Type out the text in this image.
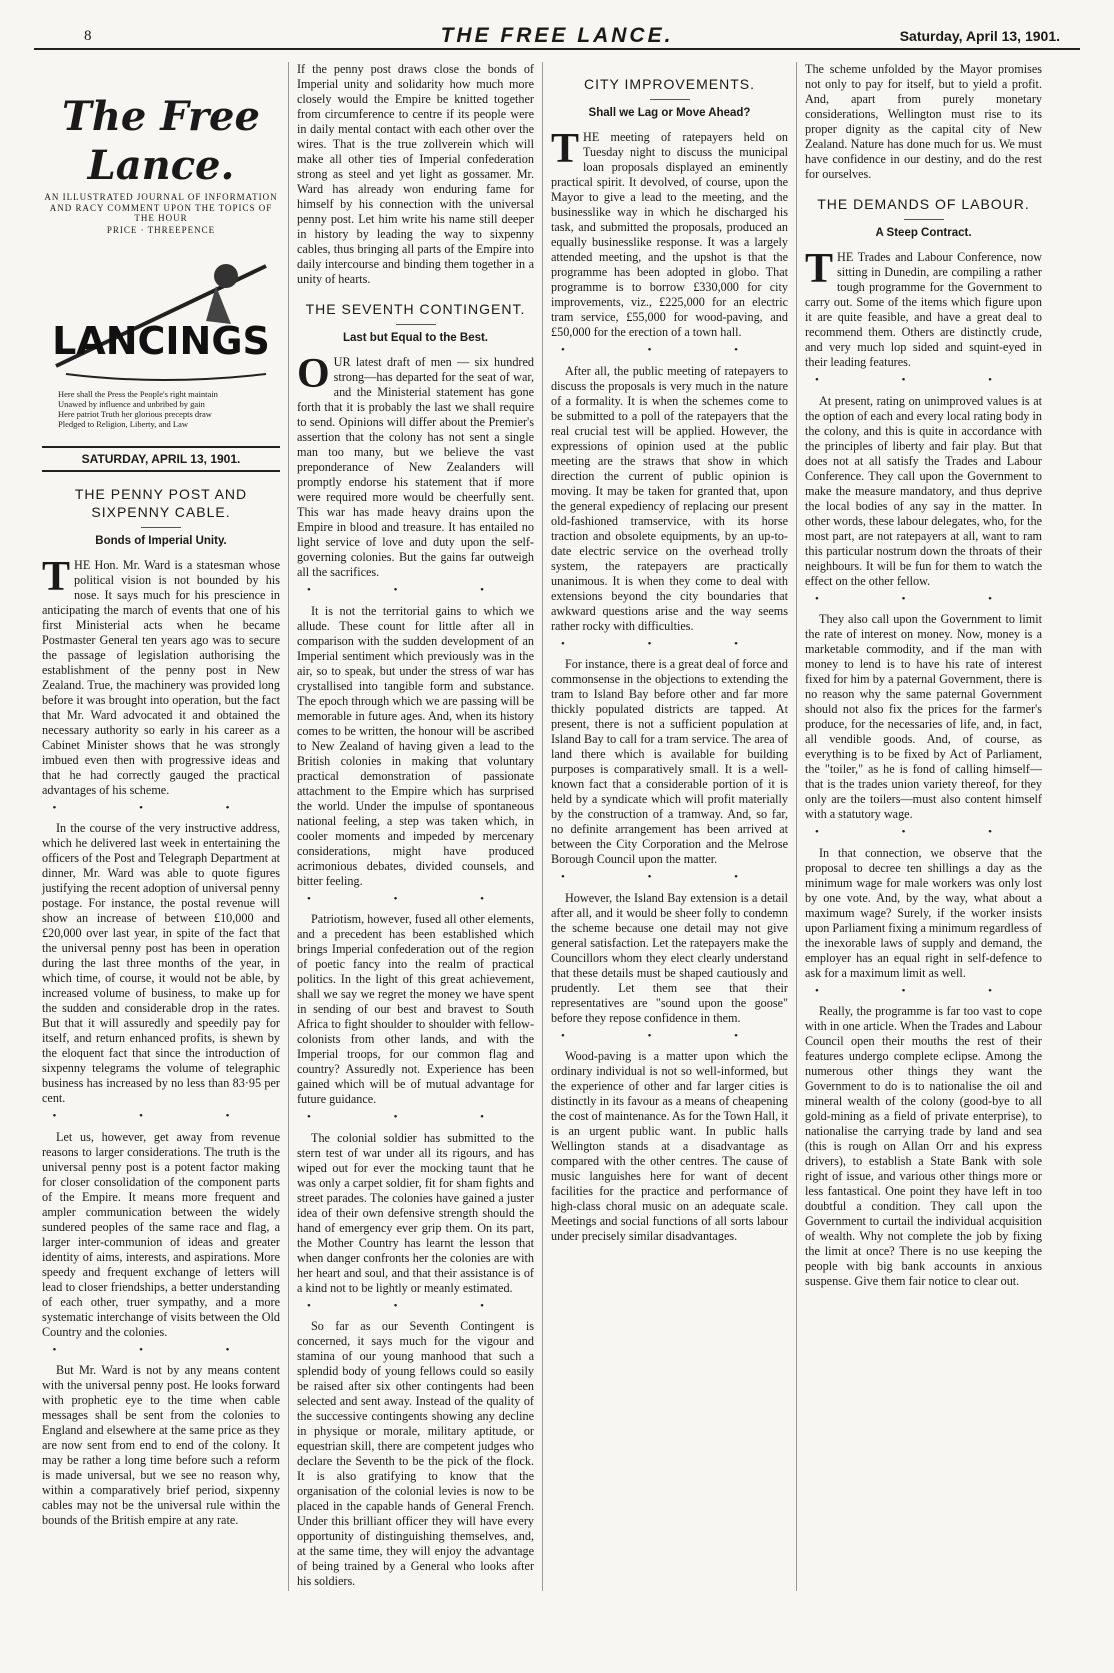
8	THE FREE LANCE.	Saturday, April 13, 1901.
The Free Lance.
AN ILLUSTRATED JOURNAL OF INFORMATION AND RACY COMMENT UPON THE TOPICS OF THE HOUR
PRICE · THREEPENCE
LANCINGS
Here shall the Press the People's right maintain
Unawed by influence and unbribed by gain
Here patriot Truth her glorious precepts draw
Pledged to Religion, Liberty, and Law
SATURDAY, APRIL 13, 1901.
THE PENNY POST AND SIXPENNY CABLE.
Bonds of Imperial Unity.

THE Hon. Mr. Ward is a statesman whose political vision is not bounded by his nose. It says much for his prescience in anticipating the march of events that one of his first Ministerial acts when he became Postmaster General ten years ago was to secure the passage of legislation authorising the establishment of the penny post in New Zealand. True, the machinery was provided long before it was brought into operation, but the fact that Mr. Ward advocated it and obtained the necessary authority so early in his career as a Cabinet Minister shows that he was strongly imbued even then with progressive ideas and that he had correctly gauged the practical advantages of his scheme.

• • •

In the course of the very instructive address, which he delivered last week in entertaining the officers of the Post and Telegraph Department at dinner, Mr. Ward was able to quote figures justifying the recent adoption of universal penny postage. For instance, the postal revenue will show an increase of between £10,000 and £20,000 over last year, in spite of the fact that the universal penny post has been in operation during the last three months of the year, in which time, of course, it would not be able, by increased volume of business, to make up for the sudden and considerable drop in the rates. But that it will assuredly and speedily pay for itself, and return enhanced profits, is shewn by the eloquent fact that since the introduction of sixpenny telegrams the volume of telegraphic business has increased by no less than 83·95 per cent.

• • •

Let us, however, get away from revenue reasons to larger considerations. The truth is the universal penny post is a potent factor making for closer consolidation of the component parts of the Empire. It means more frequent and ampler communication between the widely sundered peoples of the same race and flag, a larger inter-communion of ideas and greater identity of aims, interests, and aspirations. More speedy and frequent exchange of letters will lead to closer friendships, a better understanding of each other, truer sympathy, and a more systematic interchange of visits between the Old Country and the colonies.

• • •

But Mr. Ward is not by any means content with the universal penny post. He looks forward with prophetic eye to the time when cable messages shall be sent from the colonies to England and elsewhere at the same price as they are now sent from end to end of the colony. It may be rather a long time before such a reform is made universal, but we see no reason why, within a comparatively brief period, sixpenny cables may not be the universal rule within the bounds of the British empire at any rate.

If the penny post draws close the bonds of Imperial unity and solidarity how much more closely would the Empire be knitted together from circumference to centre if its people were in daily mental contact with each other over the wires. That is the true zollverein which will make all other ties of Imperial confederation strong as steel and yet light as gossamer. Mr. Ward has already won enduring fame for himself by his connection with the universal penny post. Let him write his name still deeper in history by leading the way to sixpenny cables, thus bringing all parts of the Empire into daily intercourse and binding them together in a unity of hearts.

THE SEVENTH CONTINGENT.
Last but Equal to the Best.

OUR latest draft of men — six hundred strong—has departed for the seat of war, and the Ministerial statement has gone forth that it is probably the last we shall require to send. Opinions will differ about the Premier's assertion that the colony has not sent a single man too many, but we believe the vast preponderance of New Zealanders will promptly endorse his statement that if more were required more would be cheerfully sent. This war has made heavy drains upon the Empire in blood and treasure. It has entailed no light service of love and duty upon the self-governing colonies. But the gains far outweigh all the sacrifices.

• • •

It is not the territorial gains to which we allude. These count for little after all in comparison with the sudden development of an Imperial sentiment which previously was in the air, so to speak, but under the stress of war has crystallised into tangible form and substance. The epoch through which we are passing will be memorable in future ages. And, when its history comes to be written, the honour will be ascribed to New Zealand of having given a lead to the British colonies in making that voluntary practical demonstration of passionate attachment to the Empire which has surprised the world. Under the impulse of spontaneous national feeling, a step was taken which, in cooler moments and impeded by mercenary considerations, might have produced acrimonious debates, divided counsels, and bitter feeling.

• • •

Patriotism, however, fused all other elements, and a precedent has been established which brings Imperial confederation out of the region of poetic fancy into the realm of practical politics. In the light of this great achievement, shall we say we regret the money we have spent in sending of our best and bravest to South Africa to fight shoulder to shoulder with fellow-colonists from other lands, and with the Imperial troops, for our common flag and country? Assuredly not. Experience has been gained which will be of mutual advantage for future guidance.

• • •

The colonial soldier has submitted to the stern test of war under all its rigours, and has wiped out for ever the mocking taunt that he was only a carpet soldier, fit for sham fights and street parades. The colonies have gained a juster idea of their own defensive strength should the hand of emergency ever grip them. On its part, the Mother Country has learnt the lesson that when danger confronts her the colonies are with her heart and soul, and that their assistance is of a kind not to be lightly or meanly estimated.

• • •

So far as our Seventh Contingent is concerned, it says much for the vigour and stamina of our young manhood that such a splendid body of young fellows could so easily be raised after six other contingents had been selected and sent away. Instead of the quality of the successive contingents showing any decline in physique or morale, military aptitude, or equestrian skill, there are competent judges who declare the Seventh to be the pick of the flock. It is also gratifying to know that the organisation of the colonial levies is now to be placed in the capable hands of General French. Under this brilliant officer they will have every opportunity of distinguishing themselves, and, at the same time, they will enjoy the advantage of being trained by a General who looks after his soldiers.

CITY IMPROVEMENTS.
Shall we Lag or Move Ahead?

THE meeting of ratepayers held on Tuesday night to discuss the municipal loan proposals displayed an eminently practical spirit. It devolved, of course, upon the Mayor to give a lead to the meeting, and the businesslike way in which he discharged his task, and submitted the proposals, produced an equally businesslike response. It was a largely attended meeting, and the upshot is that the programme has been adopted in globo. That programme is to borrow £330,000 for city improvements, viz., £225,000 for an electric tram service, £55,000 for wood-paving, and £50,000 for the erection of a town hall.

• • •

After all, the public meeting of ratepayers to discuss the proposals is very much in the nature of a formality. It is when the schemes come to be submitted to a poll of the ratepayers that the real crucial test will be applied. However, the expressions of opinion used at the public meeting are the straws that show in which direction the current of public opinion is moving. It may be taken for granted that, upon the general expediency of replacing our present old-fashioned tramservice, with its horse traction and obsolete equipments, by an up-to-date electric service on the overhead trolly system, the ratepayers are practically unanimous. It is when they come to deal with extensions beyond the city boundaries that awkward questions arise and the way seems rather rocky with difficulties.

• • •

For instance, there is a great deal of force and commonsense in the objections to extending the tram to Island Bay before other and far more thickly populated districts are tapped. At present, there is not a sufficient population at Island Bay to call for a tram service. The area of land there which is available for building purposes is comparatively small. It is a well-known fact that a considerable portion of it is held by a syndicate which will profit materially by the construction of a tramway. And, so far, no definite arrangement has been arrived at between the City Corporation and the Melrose Borough Council upon the matter.

• • •

However, the Island Bay extension is a detail after all, and it would be sheer folly to condemn the scheme because one detail may not give general satisfaction. Let the ratepayers make the Councillors whom they elect clearly understand that these details must be shaped cautiously and prudently. Let them see that their representatives are "sound upon the goose" before they repose confidence in them.

• • •

Wood-paving is a matter upon which the ordinary individual is not so well-informed, but the experience of other and far larger cities is distinctly in its favour as a means of cheapening the cost of maintenance. As for the Town Hall, it is an urgent public want. In public halls Wellington stands at a disadvantage as compared with the other centres. The cause of music languishes here for want of decent facilities for the practice and performance of high-class choral music on an adequate scale. Meetings and social functions of all sorts labour under precisely similar disadvantages.

The scheme unfolded by the Mayor promises not only to pay for itself, but to yield a profit. And, apart from purely monetary considerations, Wellington must rise to its proper dignity as the capital city of New Zealand. Nature has done much for us. We must have confidence in our destiny, and do the rest for ourselves.

THE DEMANDS OF LABOUR.
A Steep Contract.

THE Trades and Labour Conference, now sitting in Dunedin, are compiling a rather tough programme for the Government to carry out. Some of the items which figure upon it are quite feasible, and have a great deal to recommend them. Others are distinctly crude, and very much lop sided and squint-eyed in their leading features.

• • •

At present, rating on unimproved values is at the option of each and every local rating body in the colony, and this is quite in accordance with the principles of liberty and fair play. But that does not at all satisfy the Trades and Labour Conference. They call upon the Government to make the measure mandatory, and thus deprive the local bodies of any say in the matter. In other words, these labour delegates, who, for the most part, are not ratepayers at all, want to ram this particular nostrum down the throats of their neighbours. It will be fun for them to watch the effect on the other fellow.

• • •

They also call upon the Government to limit the rate of interest on money. Now, money is a marketable commodity, and if the man with money to lend is to have his rate of interest fixed for him by a paternal Government, there is no reason why the same paternal Government should not also fix the prices for the farmer's produce, for the necessaries of life, and, in fact, all vendible goods. And, of course, as everything is to be fixed by Act of Parliament, the "toiler," as he is fond of calling himself—that is the trades union variety thereof, for they only are the toilers—must also content himself with a statutory wage.

• • •

In that connection, we observe that the proposal to decree ten shillings a day as the minimum wage for male workers was only lost by one vote. And, by the way, what about a maximum wage? Surely, if the worker insists upon Parliament fixing a minimum regardless of the inexorable laws of supply and demand, the employer has an equal right in self-defence to ask for a maximum limit as well.

• • •

Really, the programme is far too vast to cope with in one article. When the Trades and Labour Council open their mouths the rest of their features undergo complete eclipse. Among the numerous other things they want the Government to do is to nationalise the oil and mineral wealth of the colony (good-bye to all gold-mining as a field of private enterprise), to nationalise the carrying trade by land and sea (this is rough on Allan Orr and his express drivers), to establish a State Bank with sole right of issue, and various other things more or less fantastical. One point they have left in too doubtful a condition. They call upon the Government to curtail the individual acquisition of wealth. Why not complete the job by fixing the limit at once? There is no use keeping the people with big bank accounts in anxious suspense. Give them fair notice to clear out.
